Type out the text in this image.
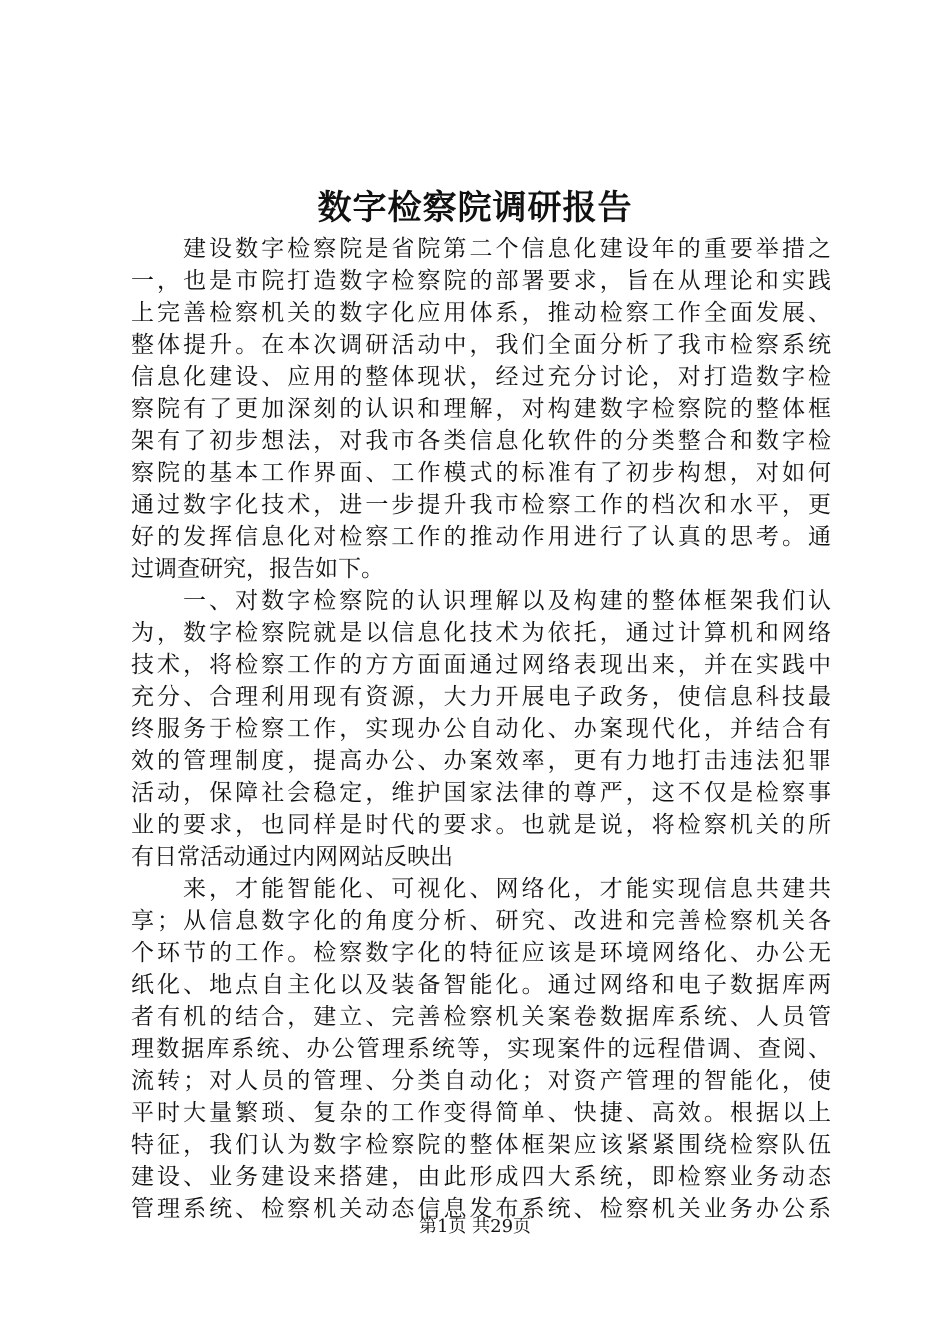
数字检察院调研报告
建设数字检察院是省院第二个信息化建设年的重要举措之
一，也是市院打造数字检察院的部署要求，旨在从理论和实践
上完善检察机关的数字化应用体系，推动检察工作全面发展、
整体提升。在本次调研活动中，我们全面分析了我市检察系统
信息化建设、应用的整体现状，经过充分讨论，对打造数字检
察院有了更加深刻的认识和理解，对构建数字检察院的整体框
架有了初步想法，对我市各类信息化软件的分类整合和数字检
察院的基本工作界面、工作模式的标准有了初步构想，对如何
通过数字化技术，进一步提升我市检察工作的档次和水平，更
好的发挥信息化对检察工作的推动作用进行了认真的思考。通
过调查研究，报告如下。
一、对数字检察院的认识理解以及构建的整体框架我们认
为，数字检察院就是以信息化技术为依托，通过计算机和网络
技术，将检察工作的方方面面通过网络表现出来，并在实践中
充分、合理利用现有资源，大力开展电子政务，使信息科技最
终服务于检察工作，实现办公自动化、办案现代化，并结合有
效的管理制度，提高办公、办案效率，更有力地打击违法犯罪
活动，保障社会稳定，维护国家法律的尊严，这不仅是检察事
业的要求，也同样是时代的要求。也就是说，将检察机关的所
有日常活动通过内网网站反映出
来，才能智能化、可视化、网络化，才能实现信息共建共
享；从信息数字化的角度分析、研究、改进和完善检察机关各
个环节的工作。检察数字化的特征应该是环境网络化、办公无
纸化、地点自主化以及装备智能化。通过网络和电子数据库两
者有机的结合，建立、完善检察机关案卷数据库系统、人员管
理数据库系统、办公管理系统等，实现案件的远程借调、查阅、
流转；对人员的管理、分类自动化；对资产管理的智能化，使
平时大量繁琐、复杂的工作变得简单、快捷、高效。根据以上
特征，我们认为数字检察院的整体框架应该紧紧围绕检察队伍
建设、业务建设来搭建，由此形成四大系统，即检察业务动态
管理系统、检察机关动态信息发布系统、检察机关业务办公系
第1页 共29页
